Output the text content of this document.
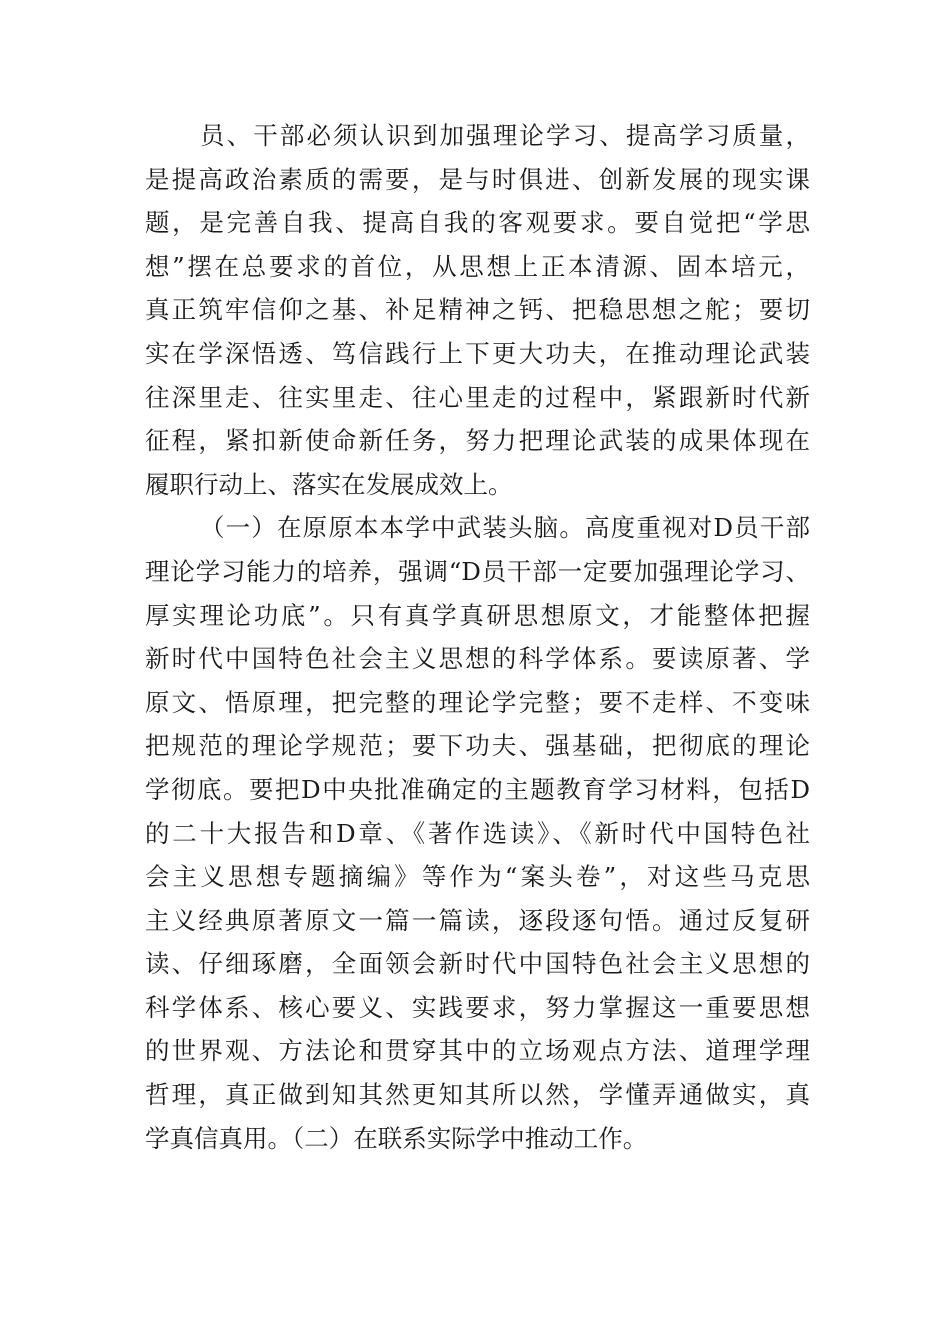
员、干部必须认识到加强理论学习、提高学习质量，
是提高政治素质的需要，是与时俱进、创新发展的现实课
题，是完善自我、提高自我的客观要求。要自觉把“学思
想”摆在总要求的首位，从思想上正本清源、固本培元，
真正筑牢信仰之基、补足精神之钙、把稳思想之舵；要切
实在学深悟透、笃信践行上下更大功夫，在推动理论武装
往深里走、往实里走、往心里走的过程中，紧跟新时代新
征程，紧扣新使命新任务，努力把理论武装的成果体现在
履职行动上、落实在发展成效上。
（一）在原原本本学中武装头脑。高度重视对D员干部
理论学习能力的培养，强调“D员干部一定要加强理论学习、
厚实理论功底”。只有真学真研思想原文，才能整体把握
新时代中国特色社会主义思想的科学体系。要读原著、学
原文、悟原理，把完整的理论学完整；要不走样、不变味
把规范的理论学规范；要下功夫、强基础，把彻底的理论
学彻底。要把D中央批准确定的主题教育学习材料，包括D
的二十大报告和D章、《著作选读》、《新时代中国特色社
会主义思想专题摘编》等作为“案头卷”，对这些马克思
主义经典原著原文一篇一篇读，逐段逐句悟。通过反复研
读、仔细琢磨，全面领会新时代中国特色社会主义思想的
科学体系、核心要义、实践要求，努力掌握这一重要思想
的世界观、方法论和贯穿其中的立场观点方法、道理学理
哲理，真正做到知其然更知其所以然，学懂弄通做实，真
学真信真用。（二）在联系实际学中推动工作。
